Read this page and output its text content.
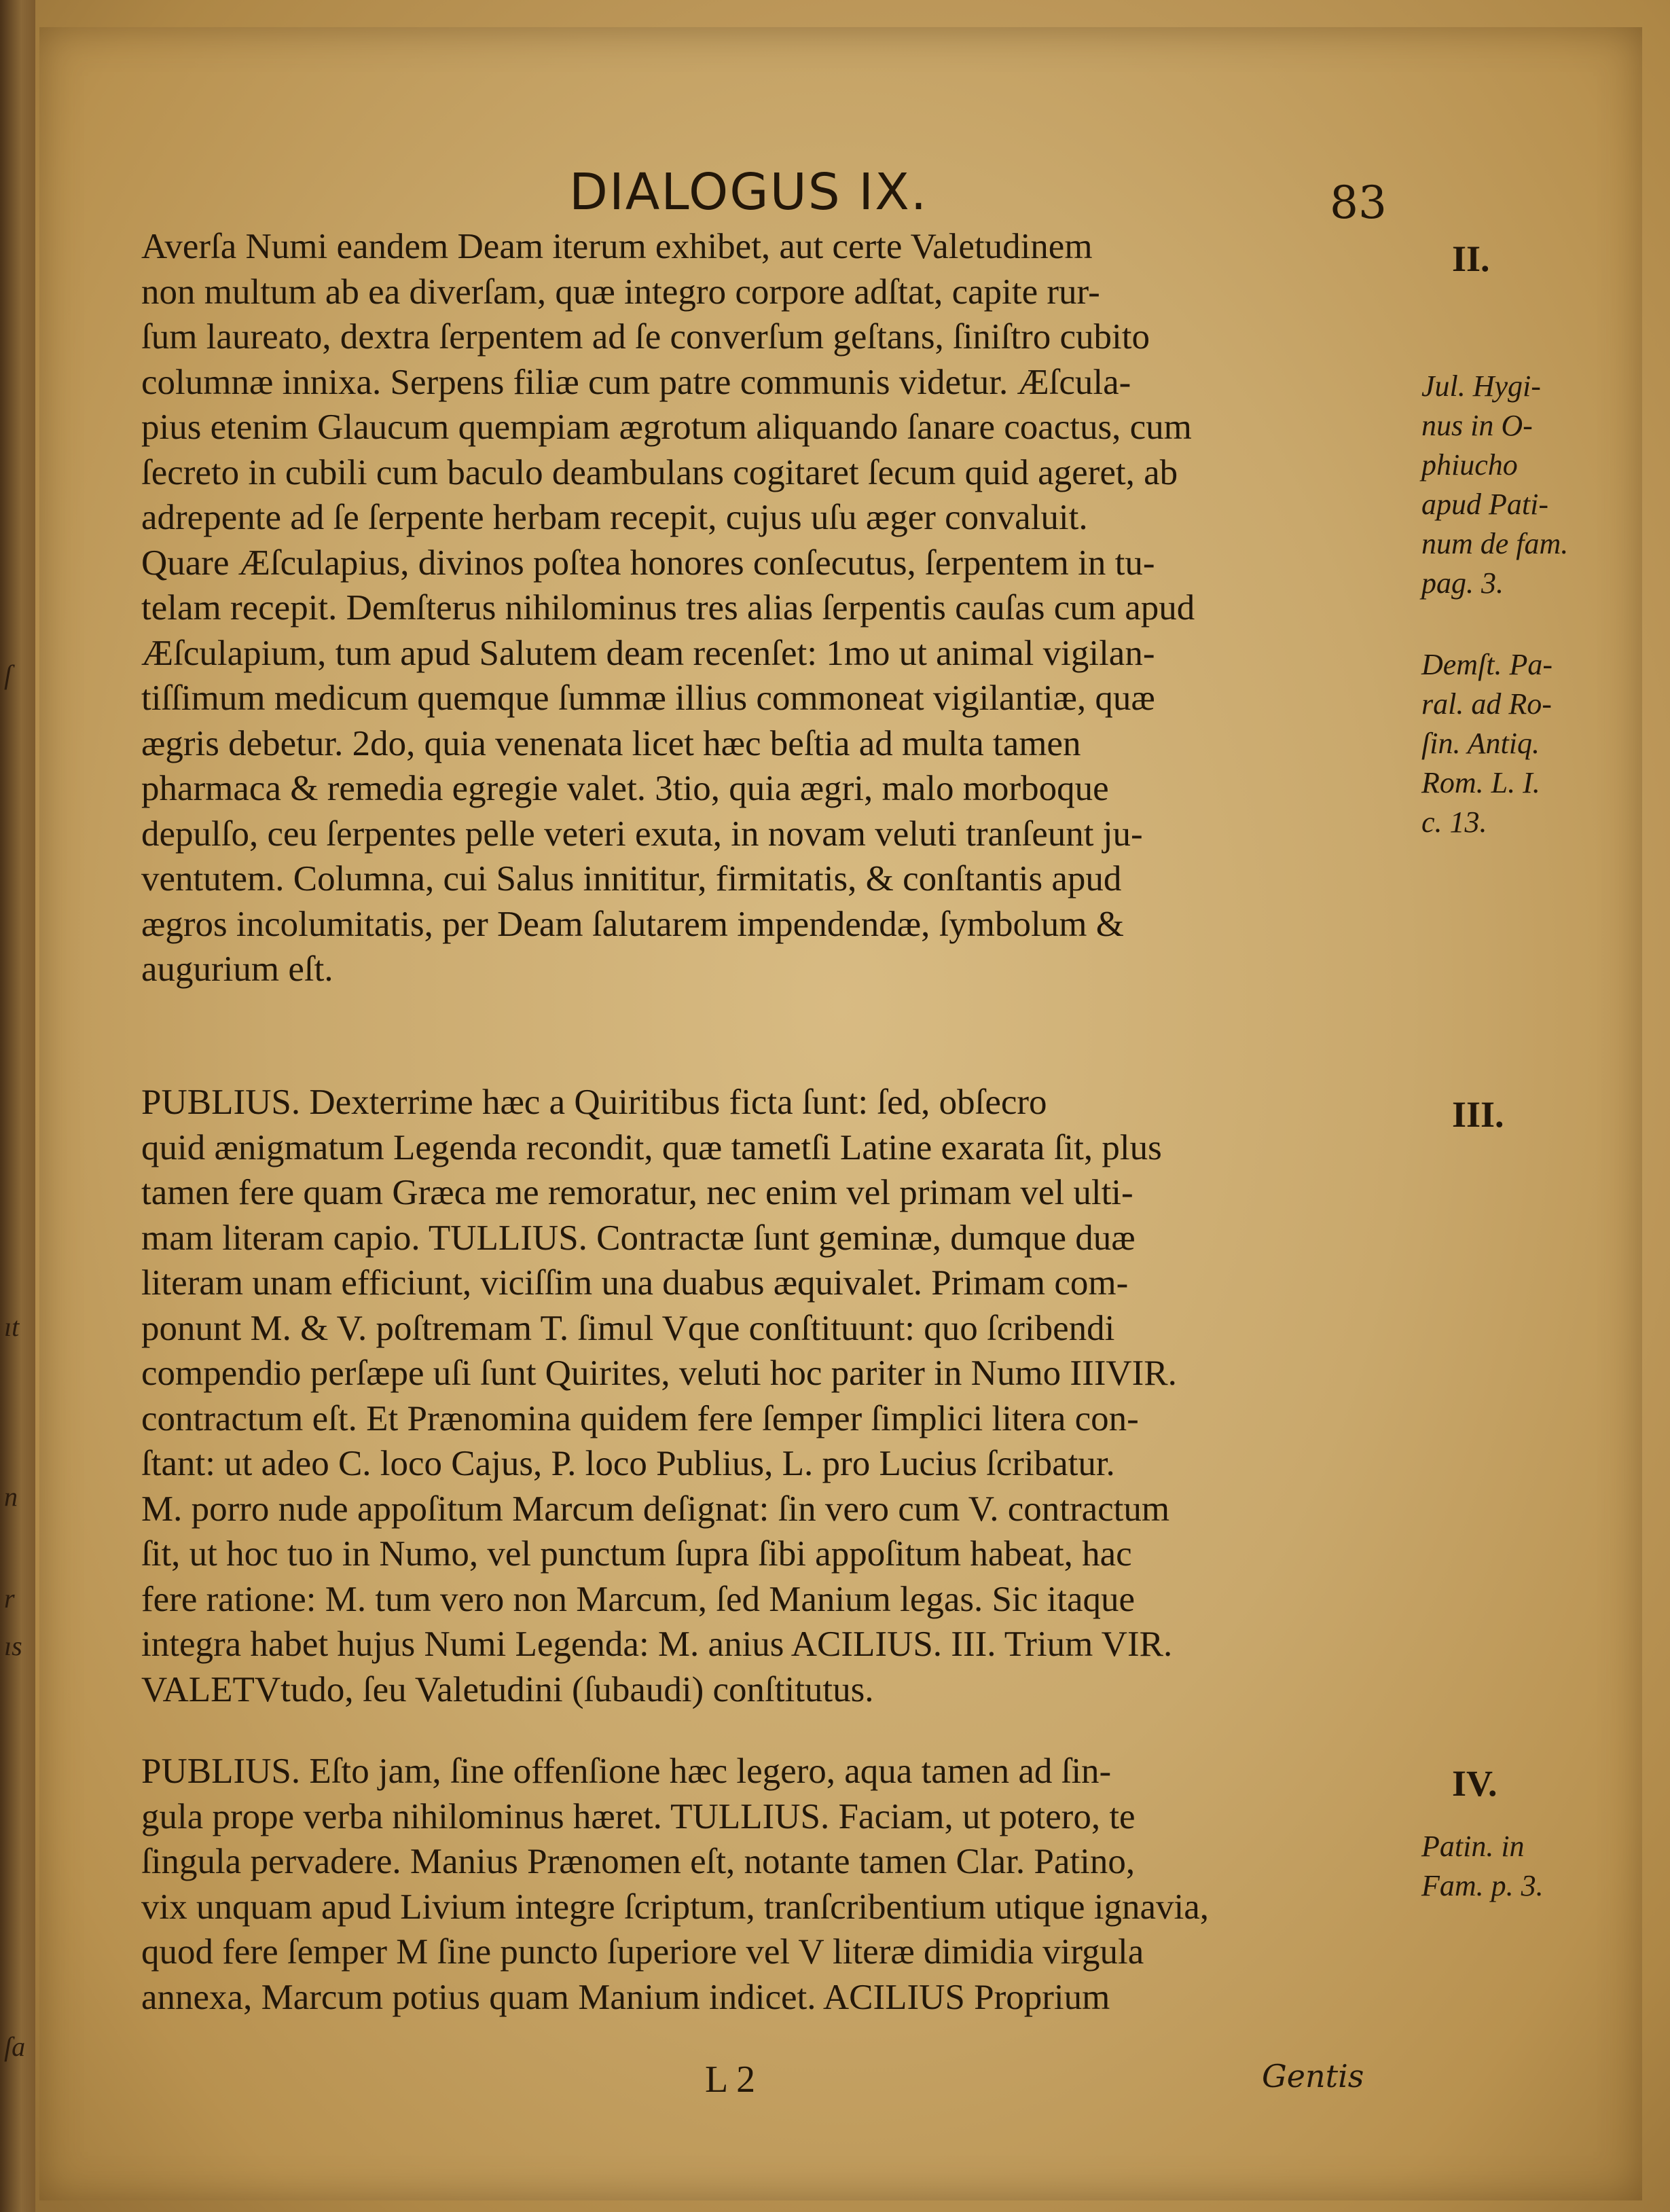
ſ
ıt
n
r
ıs
ſa
DIALOGUS IX.	83
Averſa Numi eandem Deam iterum exhibet, aut certe Valetudinem
non multum ab ea diverſam, quæ integro corpore adſtat, capite rur-
ſum laureato, dextra ſerpentem ad ſe converſum geſtans, ſiniſtro cubito
columnæ innixa. Serpens filiæ cum patre communis videtur. Æſcula-
pius etenim Glaucum quempiam ægrotum aliquando ſanare coactus, cum
ſecreto in cubili cum baculo deambulans cogitaret ſecum quid ageret, ab
adrepente ad ſe ſerpente herbam recepit, cujus uſu æger convaluit.
Quare Æſculapius, divinos poſtea honores conſecutus, ſerpentem in tu-
telam recepit. Demſterus nihilominus tres alias ſerpentis cauſas cum apud
Æſculapium, tum apud Salutem deam recenſet: 1mo ut animal vigilan-
tiſſimum medicum quemque ſummæ illius commoneat vigilantiæ, quæ
ægris debetur. 2do, quia venenata licet hæc beſtia ad multa tamen
pharmaca & remedia egregie valet. 3tio, quia ægri, malo morboque
depulſo, ceu ſerpentes pelle veteri exuta, in novam veluti tranſeunt ju-
ventutem. Columna, cui Salus innititur, firmitatis, & conſtantis apud
ægros incolumitatis, per Deam ſalutarem impendendæ, ſymbolum &
augurium eſt.
PUBLIUS. Dexterrime hæc a Quiritibus ficta ſunt: ſed, obſecro
quid ænigmatum Legenda recondit, quæ tametſi Latine exarata ſit, plus
tamen fere quam Græca me remoratur, nec enim vel primam vel ulti-
mam literam capio. TULLIUS. Contractæ ſunt geminæ, dumque duæ
literam unam efficiunt, viciſſim una duabus æquivalet. Primam com-
ponunt M. & V. poſtremam T. ſimul Vque conſtituunt: quo ſcribendi
compendio perſæpe uſi ſunt Quirites, veluti hoc pariter in Numo IIIVIR.
contractum eſt. Et Prænomina quidem fere ſemper ſimplici litera con-
ſtant: ut adeo C. loco Cajus, P. loco Publius, L. pro Lucius ſcribatur.
M. porro nude appoſitum Marcum deſignat: ſin vero cum V. contractum
ſit, ut hoc tuo in Numo, vel punctum ſupra ſibi appoſitum habeat, hac
fere ratione: M. tum vero non Marcum, ſed Manium legas. Sic itaque
integra habet hujus Numi Legenda: M. anius ACILIUS. III. Trium VIR.
VALETVtudo, ſeu Valetudini (ſubaudi) conſtitutus.
PUBLIUS. Eſto jam, ſine offenſione hæc legero, aqua tamen ad ſin-
gula prope verba nihilominus hæret. TULLIUS. Faciam, ut potero, te
ſingula pervadere. Manius Prænomen eſt, notante tamen Clar. Patino,
vix unquam apud Livium integre ſcriptum, tranſcribentium utique ignavia,
quod fere ſemper M ſine puncto ſuperiore vel V literæ dimidia virgula
annexa, Marcum potius quam Manium indicet. ACILIUS Proprium
II.
III.
IV.
Jul. Hygi-
nus in O-
phiucho
apud Pati-
num de fam.
pag. 3.
Demſt. Pa-
ral. ad Ro-
ſin. Antiq.
Rom. L. I.
c. 13.
Patin. in
Fam. p. 3.
L 2	Gentis
